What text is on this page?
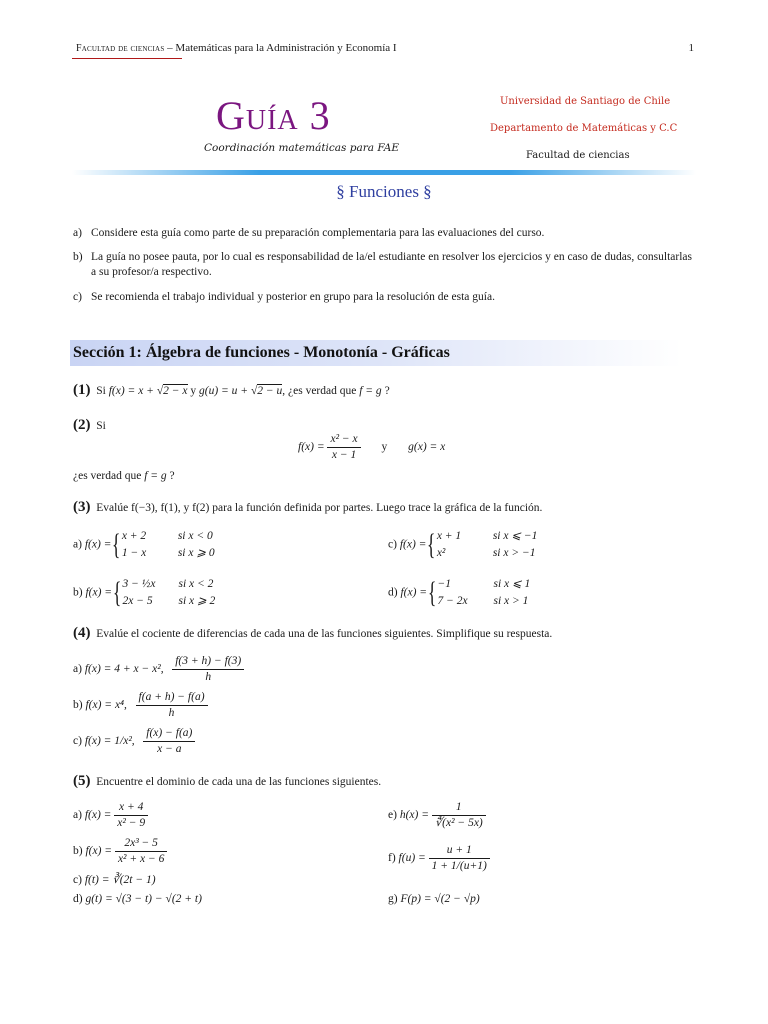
Facultad de ciencias – Matemáticas para la Administración y Economía I	1
Guía 3
Coordinación matemáticas para FAE
Universidad de Santiago de Chile
Departamento de Matemáticas y C.C
Facultad de ciencias
§ Funciones §
a) Considere esta guía como parte de su preparación complementaria para las evaluaciones del curso.
b) La guía no posee pauta, por lo cual es responsabilidad de la/el estudiante en resolver los ejercicios y en caso de dudas, consultarlas a su profesor/a respectivo.
c) Se recomienda el trabajo individual y posterior en grupo para la resolución de esta guía.
Sección 1: Álgebra de funciones - Monotonía - Gráficas
(1) Si f(x) = x + √2 − x y g(u) = u + √2 − u, ¿es verdad que f = g ?
(2) Si
$f(x) = \frac{\text{x² − x}}{x - 1}$ y g(x) = x
¿es verdad que f = g ?
(3) Evalúe f(−3), f(1), y f(2) para la función definida por partes. Luego trace la gráfica de la función.
a) f(x) ={x + 2	si x < 0
1 − x	si x ⩾ 0
c) f(x) ={x + 1	si x ⩽ −1
x²	si x > −1
b) f(x) ={3 − ½x si x < 2
2x − 5 si x ⩾ 2
d) f(x) ={−1	si x ⩽ 1
7 − 2x si x > 1
(4) Evalúe el cociente de diferencias de cada una de las funciones siguientes. Simplifique su respuesta.
a) f(x) = 4 + x − x², $\frac{f(3 + h) - f(3)}{h}$
b) f(x) = x⁴, $\frac{f(a + h) - f(a)}{h}$
c) f(x) = 1/x², $\frac{f(x) - f(a)}{x - a}$
(5) Encuentre el dominio de cada una de las funciones siguientes.
a) $f(x) = \frac{x + 4}{\text{x² − 9}}$	e) $h(x) = \frac{1}{\text{∜(x² − 5x)}}$
b) $f(x) = \frac{\text{2x³ − 5}}{\text{x² + x − 6}}$	f) $f(u) = \frac{u + 1}{1 + 1/(u+1)}$
c) f(t) = ∛(2t − 1)
d) g(t) = √(3 − t) − √(2 + t)	g) F(p) = √(2 − √p)
